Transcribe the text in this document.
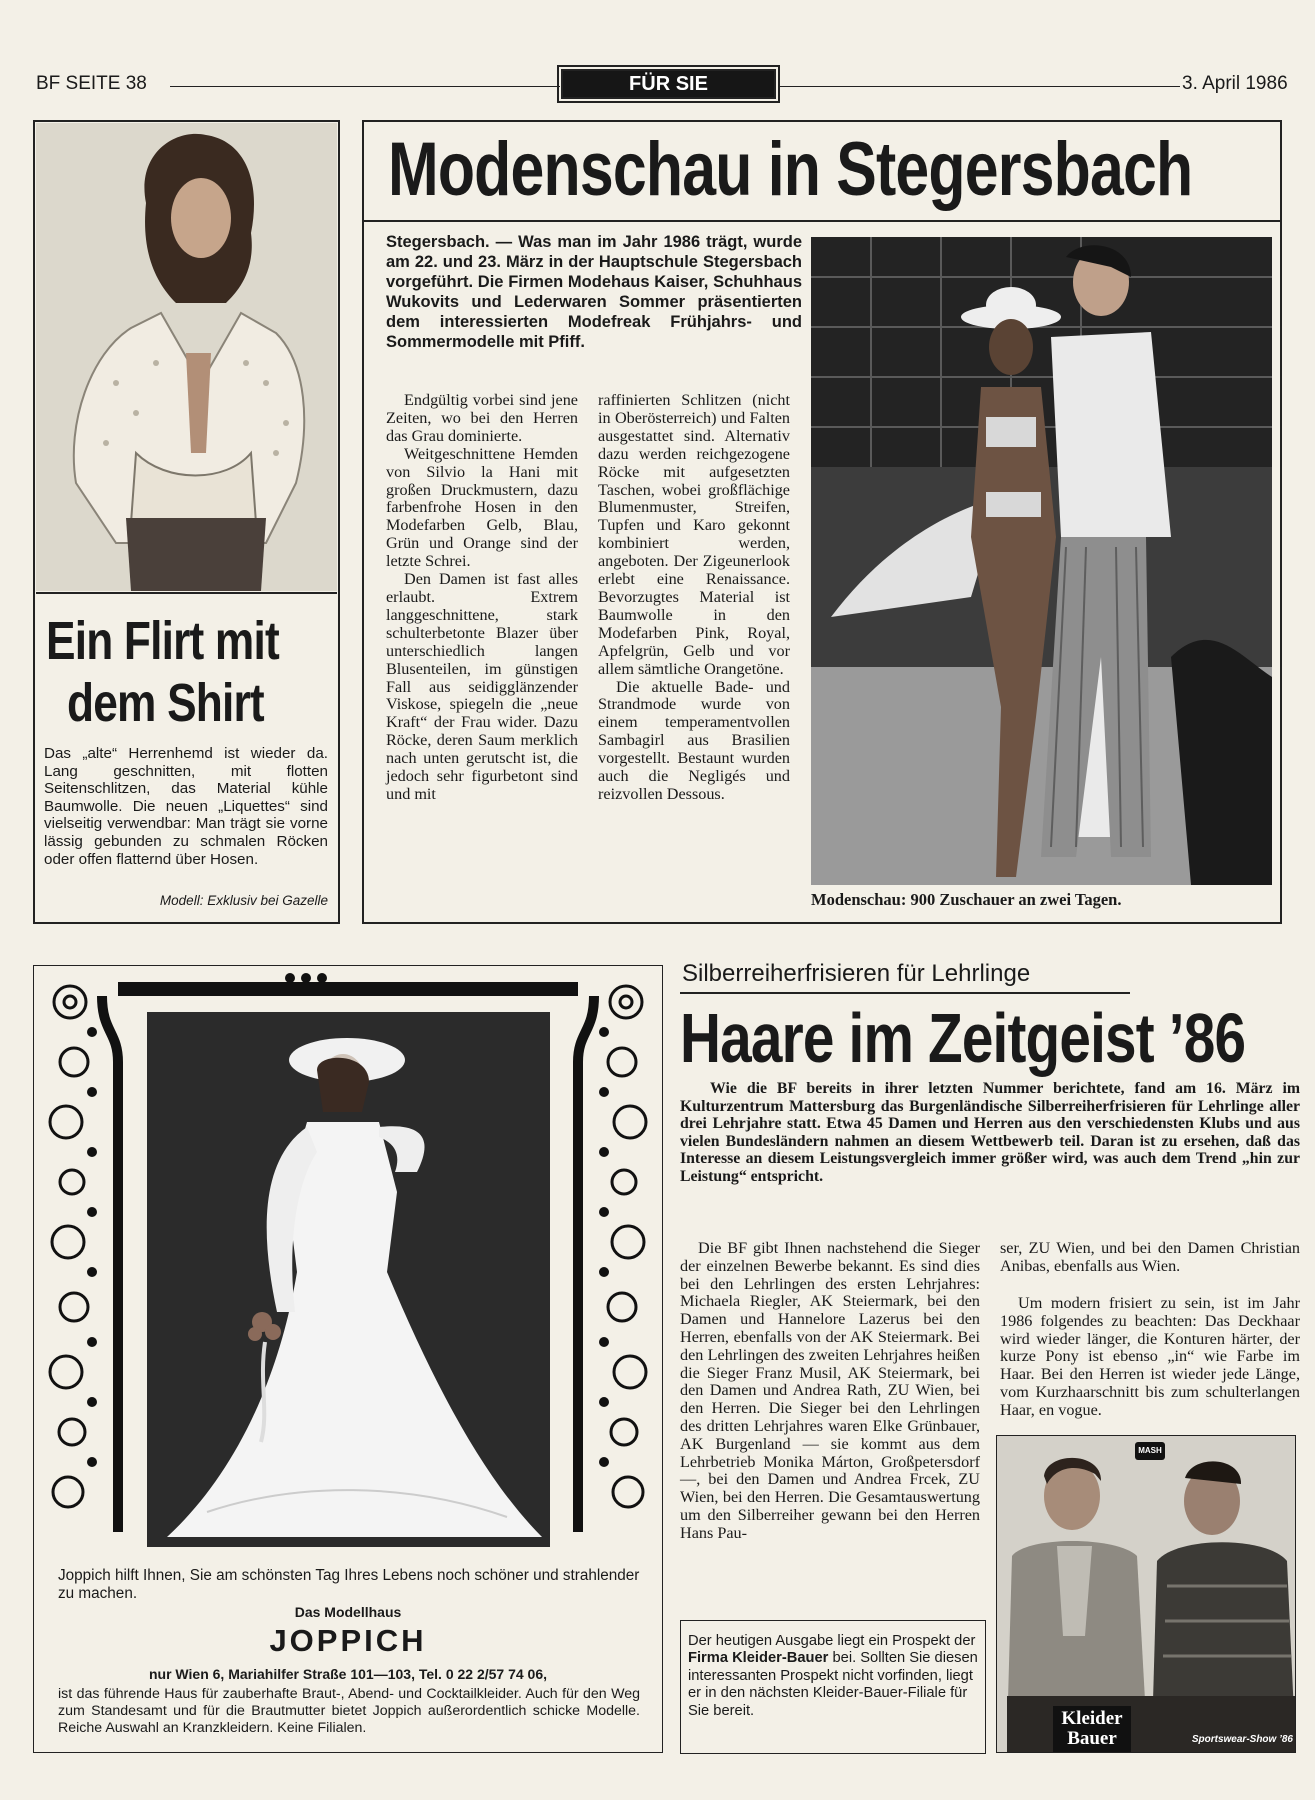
BF SEITE 38	FÜR SIE	3. April 1986
Ein Flirt mit
dem Shirt
Das „alte“ Herrenhemd ist wieder da. Lang geschnitten, mit flotten Seitenschlitzen, das Material kühle Baumwolle. Die neuen „Liquettes“ sind vielseitig verwendbar: Man trägt sie vorne lässig gebunden zu schmalen Röcken oder offen flatternd über Hosen.
Modell: Exklusiv bei Gazelle
Modenschau in Stegersbach
Stegersbach. — Was man im Jahr 1986 trägt, wurde am 22. und 23. März in der Hauptschule Stegersbach vorgeführt. Die Firmen Modehaus Kaiser, Schuhhaus Wukovits und Lederwaren Sommer präsentierten dem interessierten Modefreak Frühjahrs- und Sommermodelle mit Pfiff.

Endgültig vorbei sind jene Zeiten, wo bei den Herren das Grau dominierte.

Weitgeschnittene Hemden von Silvio la Hani mit großen Druckmustern, dazu farbenfrohe Hosen in den Modefarben Gelb, Blau, Grün und Orange sind der letzte Schrei.

Den Damen ist fast alles erlaubt. Extrem langgeschnittene, stark schulterbetonte Blazer über unterschiedlich langen Blusenteilen, im günstigen Fall aus seidigglänzender Viskose, spiegeln die „neue Kraft“ der Frau wider. Dazu Röcke, deren Saum merklich nach unten gerutscht ist, die jedoch sehr figurbetont sind und mit

raffinierten Schlitzen (nicht in Oberösterreich) und Falten ausgestattet sind. Alternativ dazu werden reichgezogene Röcke mit aufgesetzten Taschen, wobei großflächige Blumenmuster, Streifen, Tupfen und Karo gekonnt kombiniert werden, angeboten. Der Zigeunerlook erlebt eine Renaissance. Bevorzugtes Material ist Baumwolle in den Modefarben Pink, Royal, Apfelgrün, Gelb und vor allem sämtliche Orangetöne.

Die aktuelle Bade- und Strandmode wurde von einem temperamentvollen Sambagirl aus Brasilien vorgestellt. Bestaunt wurden auch die Negligés und reizvollen Dessous.

Modenschau: 900 Zuschauer an zwei Tagen.
Joppich hilft Ihnen, Sie am schönsten Tag Ihres Lebens noch schöner und strahlender zu machen.
Das Modellhaus
JOPPICH
nur Wien 6, Mariahilfer Straße 101—103, Tel. 0 22 2/57 74 06,
ist das führende Haus für zauberhafte Braut-, Abend- und Cocktailkleider. Auch für den Weg zum Standesamt und für die Brautmutter bietet Joppich außerordentlich schicke Modelle. Reiche Auswahl an Kranzkleidern. Keine Filialen.
Silberreiherfrisieren für Lehrlinge
Haare im Zeitgeist ’86
Wie die BF bereits in ihrer letzten Nummer berichtete, fand am 16. März im Kulturzentrum Mattersburg das Burgenländische Silberreiherfrisieren für Lehrlinge aller drei Lehrjahre statt. Etwa 45 Damen und Herren aus den verschiedensten Klubs und aus vielen Bundesländern nahmen an diesem Wettbewerb teil. Daran ist zu ersehen, daß das Interesse an diesem Leistungsvergleich immer größer wird, was auch dem Trend „hin zur Leistung“ entspricht.
Die BF gibt Ihnen nachstehend die Sieger der einzelnen Bewerbe bekannt. Es sind dies bei den Lehrlingen des ersten Lehrjahres: Michaela Riegler, AK Steiermark, bei den Damen und Hannelore Lazerus bei den Herren, ebenfalls von der AK Steiermark. Bei den Lehrlingen des zweiten Lehrjahres heißen die Sieger Franz Musil, AK Steiermark, bei den Damen und Andrea Rath, ZU Wien, bei den Herren. Die Sieger bei den Lehrlingen des dritten Lehrjahres waren Elke Grünbauer, AK Burgenland — sie kommt aus dem Lehrbetrieb Monika Márton, Großpetersdorf —, bei den Damen und Andrea Frcek, ZU Wien, bei den Herren. Die Gesamtauswertung um den Silberreiher gewann bei den Herren Hans Pau-
ser, ZU Wien, und bei den Damen Christian Anibas, ebenfalls aus Wien.
Um modern frisiert zu sein, ist im Jahr 1986 folgendes zu beachten: Das Deckhaar wird wieder länger, die Konturen härter, der kurze Pony ist ebenso „in“ wie Farbe im Haar. Bei den Herren ist wieder jede Länge, vom Kurzhaarschnitt bis zum schulterlangen Haar, en vogue.
Der heutigen Ausgabe liegt ein Prospekt der Firma Kleider-Bauer bei. Sollten Sie diesen interessanten Prospekt nicht vorfinden, liegt er in den nächsten Kleider-Bauer-Filiale für Sie bereit.
MASH
Kleider
Bauer	Sportswear-Show ’86
